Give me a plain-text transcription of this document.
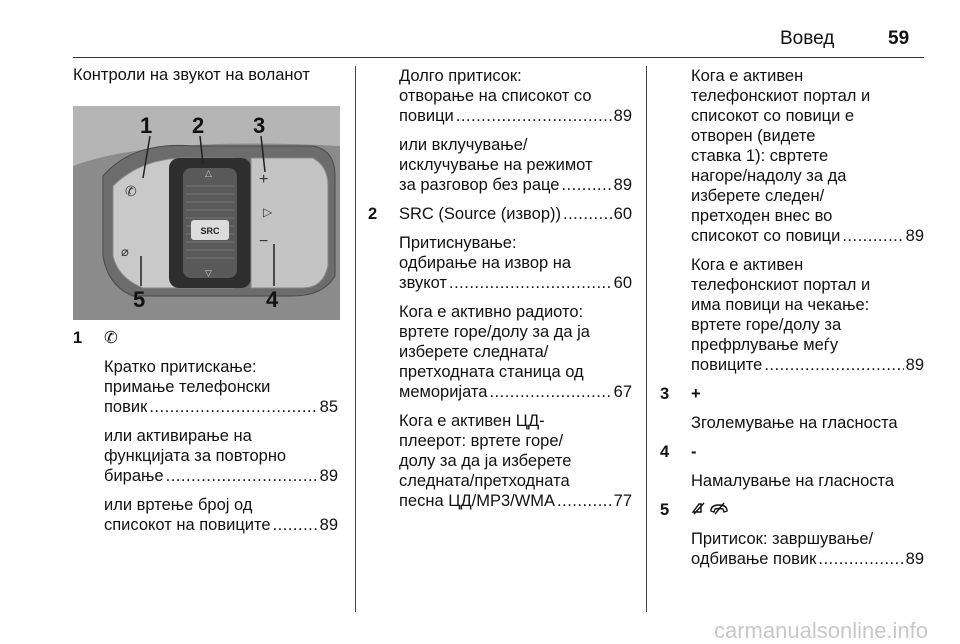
Вовед	59
Контроли на звукот на воланот
SRC
✆
⌀
+
▷
−
△
▽
1 2 3
4
5
1 ✆
Кратко притискање:
примање телефонски
повик .....	85
или активирање на
функцијата за повторно
бирање .....	89
или вртење број од
списокот на повиците .....	89
Долго притисок:
отворање на списокот со
повици .....	89
или вклучување/
исклучување на режимот
за разговор без раце .....	89
2 SRC (Source (извор)) .....	60
Притиснување:
одбирање на извор на
звукот .....	60
Кога е активно радиото:
вртете горе/долу за да ја
изберете следната/
претходната станица од
меморијата .....	67
Кога е активен ЦД-
плеерот: вртете горе/
долу за да ја изберете
следната/претходната
песна ЦД/MP3/WMA .....	77
Кога е активен
телефонскиот портал и
списокот со повици е
отворен (видете
ставка 1): свртете
нагоре/надолу за да
изберете следен/
претходен внес во
списокот со повици .....	89
Кога е активен
телефонскиот портал и
има повици на чекање:
вртете горе/долу за
префрлување меѓу
повиците .....	89
3 +
Зголемување на гласноста
4 -
Намалување на гласноста
5
Притисок: завршување/
одбивање повик .....	89
carmanualsonline.info
